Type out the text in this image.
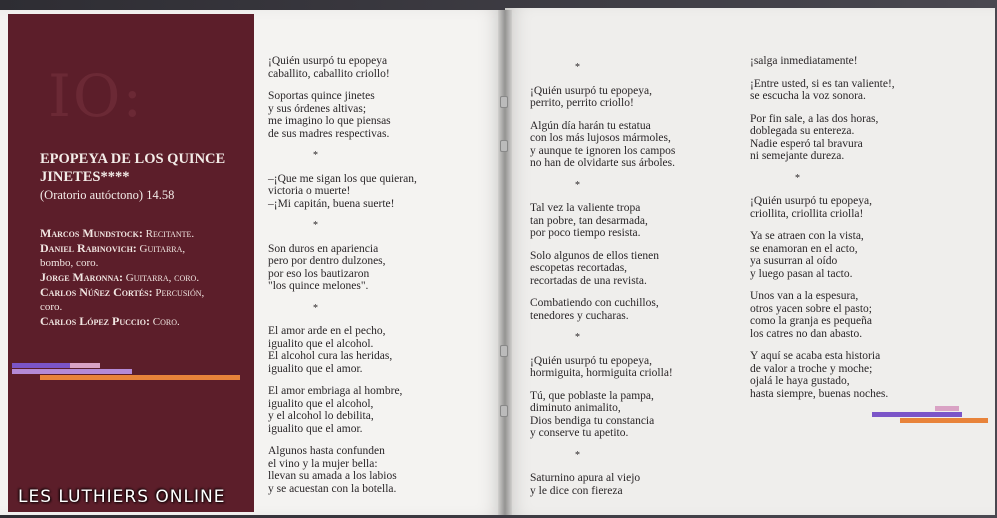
IO:
EPOPEYA DE LOS QUINCE JINETES****
(Oratorio autóctono) 14.58
Marcos Mundstock: Recitante.
Daniel Rabinovich: Guitarra,
bombo, coro.
Jorge Maronna: Guitarra, coro.
Carlos Núñez Cortés: Percusión,
coro.
Carlos López Puccio: Coro.
¡Quién usurpó tu epopeya
caballito, caballito criollo!
Soportas quince jinetes
y sus órdenes altivas;
me imagino lo que piensas
de sus madres respectivas.
*
–¡Que me sigan los que quieran,
victoria o muerte!
–¡Mi capitán, buena suerte!
*
Son duros en apariencia
pero por dentro dulzones,
por eso los bautizaron
"los quince melones".
*
El amor arde en el pecho,
igualito que el alcohol.
El alcohol cura las heridas,
igualito que el amor.
El amor embriaga al hombre,
igualito que el alcohol,
y el alcohol lo debilita,
igualito que el amor.
Algunos hasta confunden
el vino y la mujer bella:
llevan su amada a los labios
y se acuestan con la botella.
*
¡Quién usurpó tu epopeya,
perrito, perrito criollo!
Algún día harán tu estatua
con los más lujosos mármoles,
y aunque te ignoren los campos
no han de olvidarte sus árboles.
*
Tal vez la valiente tropa
tan pobre, tan desarmada,
por poco tiempo resista.
Solo algunos de ellos tienen
escopetas recortadas,
recortadas de una revista.
Combatiendo con cuchillos,
tenedores y cucharas.
*
¡Quién usurpó tu epopeya,
hormiguita, hormiguita criolla!
Tú, que poblaste la pampa,
diminuto animalito,
Dios bendiga tu constancia
y conserve tu apetito.
*
Saturnino apura al viejo
y le dice con fiereza
¡salga inmediatamente!
¡Entre usted, si es tan valiente!,
se escucha la voz sonora.
Por fin sale, a las dos horas,
doblegada su entereza.
Nadie esperó tal bravura
ni semejante dureza.
*
¡Quién usurpó tu epopeya,
criollita, criollita criolla!
Ya se atraen con la vista,
se enamoran en el acto,
ya susurran al oído
y luego pasan al tacto.
Unos van a la espesura,
otros yacen sobre el pasto;
como la granja es pequeña
los catres no dan abasto.
Y aquí se acaba esta historia
de valor a troche y moche;
ojalá le haya gustado,
hasta siempre, buenas noches.
LES LUTHIERS ONLINE
